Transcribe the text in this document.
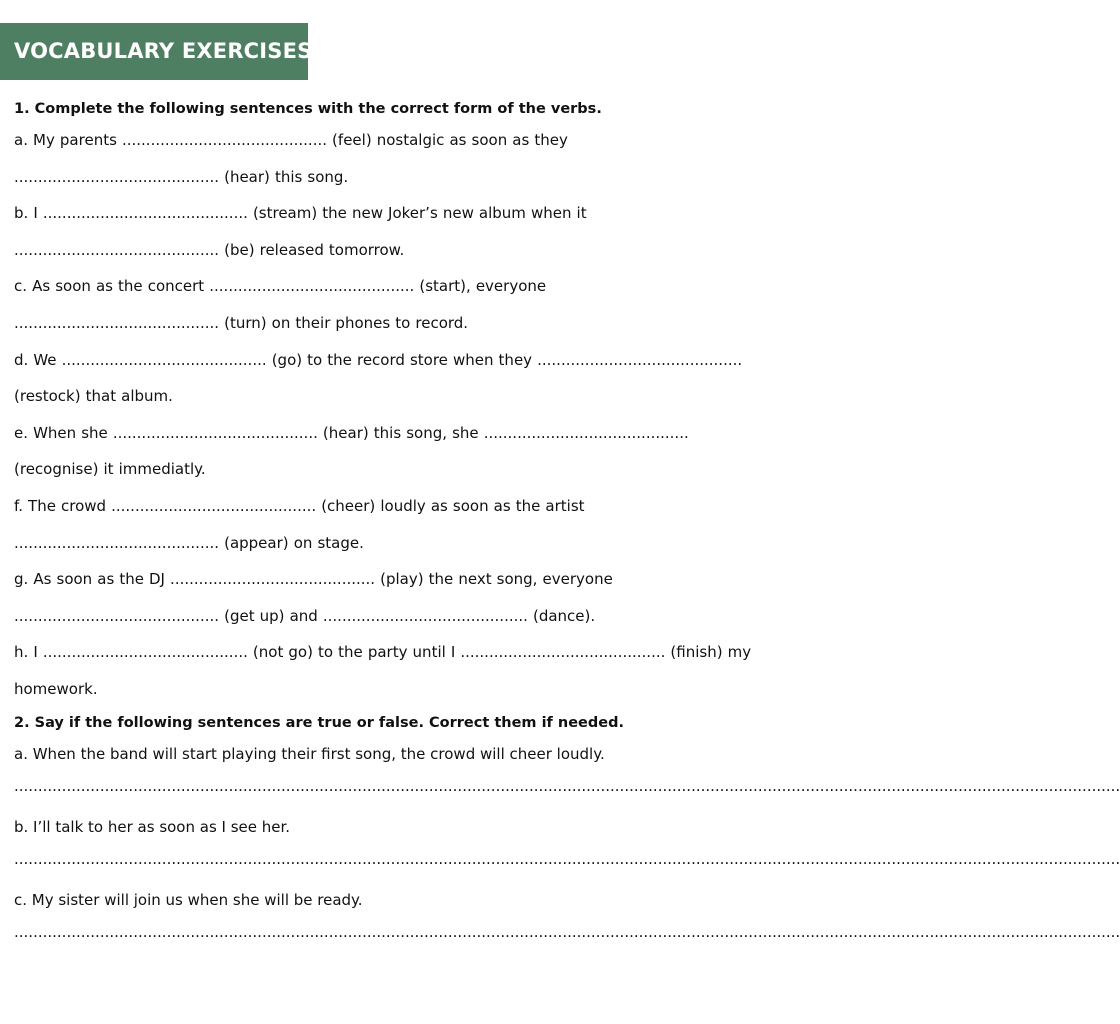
VOCABULARY EXERCISES
1. Complete the following sentences with the correct form of the verbs.

a. My parents ........................................... (feel) nostalgic as soon as they ........................................... (hear) this song.

b. I ........................................... (stream) the new Joker’s new album when it ........................................... (be) released tomorrow.

c. As soon as the concert ........................................... (start), everyone ........................................... (turn) on their phones to record.

d. We ........................................... (go) to the record store when they ........................................... (restock) that album.

e. When she ........................................... (hear) this song, she ........................................... (recognise) it immediatly.

f. The crowd ........................................... (cheer) loudly as soon as the artist ........................................... (appear) on stage.

g. As soon as the DJ ........................................... (play) the next song, everyone ........................................... (get up) and ........................................... (dance).

h. I ........................................... (not go) to the party until I ........................................... (finish) my homework.

2. Say if the following sentences are true or false. Correct them if needed.
a. When the band will start playing their first song, the crowd will cheer loudly.
........................................................................................................................................................................................................................................
b. I’ll talk to her as soon as I see her.
........................................................................................................................................................................................................................................
c. My sister will join us when she will be ready.
........................................................................................................................................................................................................................................
